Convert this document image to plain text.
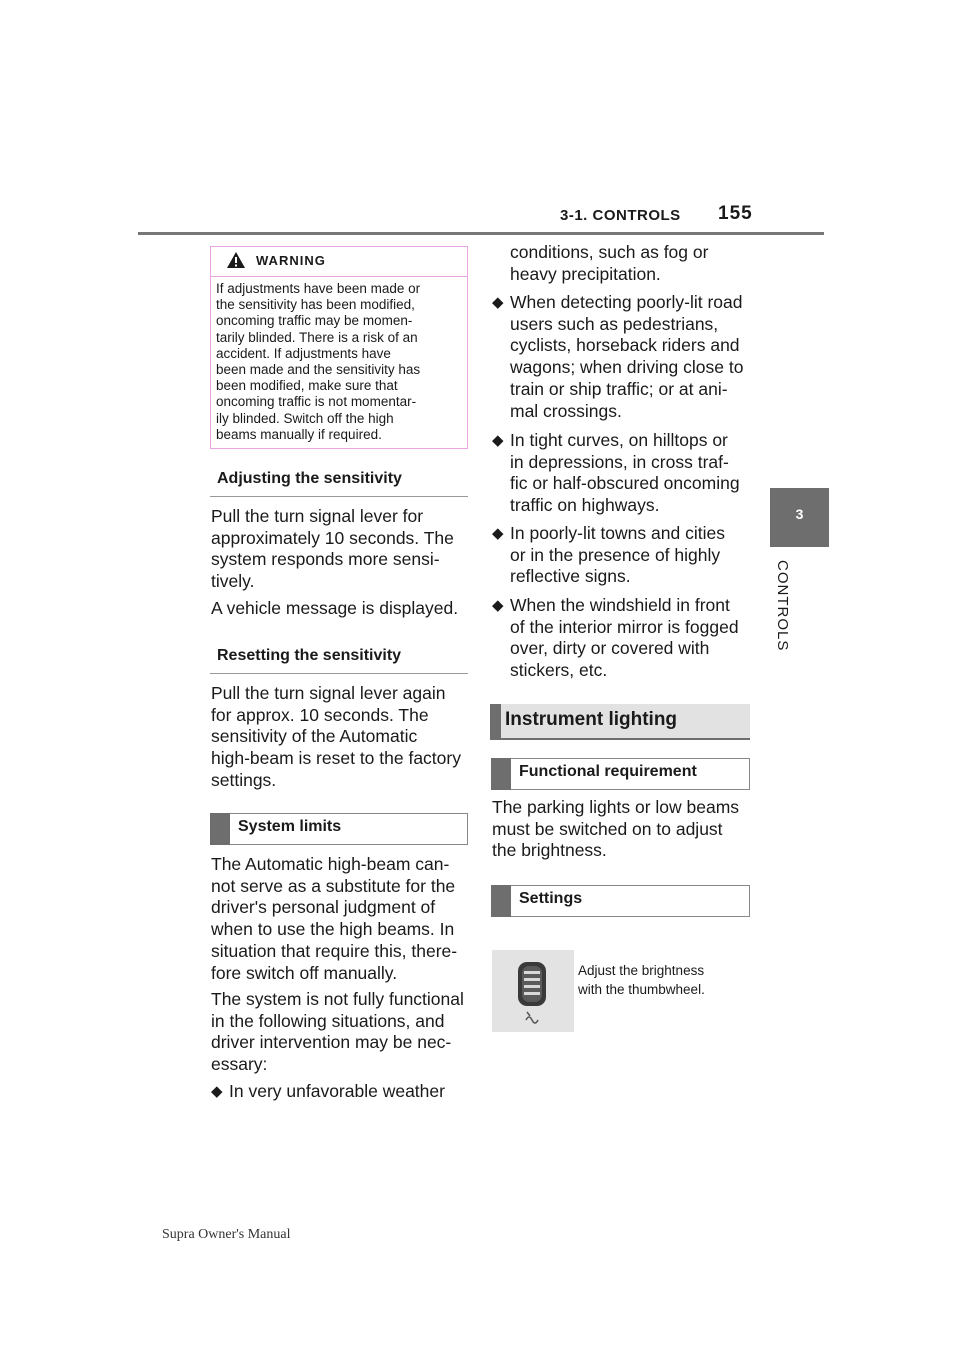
3-1. CONTROLS 155
3
CONTROLS
WARNING
If adjustments have been made or
the sensitivity has been modified,
oncoming traffic may be momen-
tarily blinded. There is a risk of an
accident. If adjustments have
been made and the sensitivity has
been modified, make sure that
oncoming traffic is not momentar-
ily blinded. Switch off the high
beams manually if required.
Adjusting the sensitivity
Pull the turn signal lever for
approximately 10 seconds. The
system responds more sensi-
tively.
A vehicle message is displayed.
Resetting the sensitivity
Pull the turn signal lever again
for approx. 10 seconds. The
sensitivity of the Automatic
high-beam is reset to the factory
settings.
System limits
The Automatic high-beam can-
not serve as a substitute for the
driver's personal judgment of
when to use the high beams. In
situation that require this, there-
fore switch off manually.
The system is not fully functional
in the following situations, and
driver intervention may be nec-
essary:
◆ In very unfavorable weather
conditions, such as fog or
heavy precipitation.
◆ When detecting poorly-lit road
users such as pedestrians,
cyclists, horseback riders and
wagons; when driving close to
train or ship traffic; or at ani-
mal crossings.
◆ In tight curves, on hilltops or
in depressions, in cross traf-
fic or half-obscured oncoming
traffic on highways.
◆ In poorly-lit towns and cities
or in the presence of highly
reflective signs.
◆ When the windshield in front
of the interior mirror is fogged
over, dirty or covered with
stickers, etc.
Instrument lighting
Functional requirement
The parking lights or low beams
must be switched on to adjust
the brightness.
Settings
Adjust the brightness
with the thumbwheel.
Supra Owner's Manual
